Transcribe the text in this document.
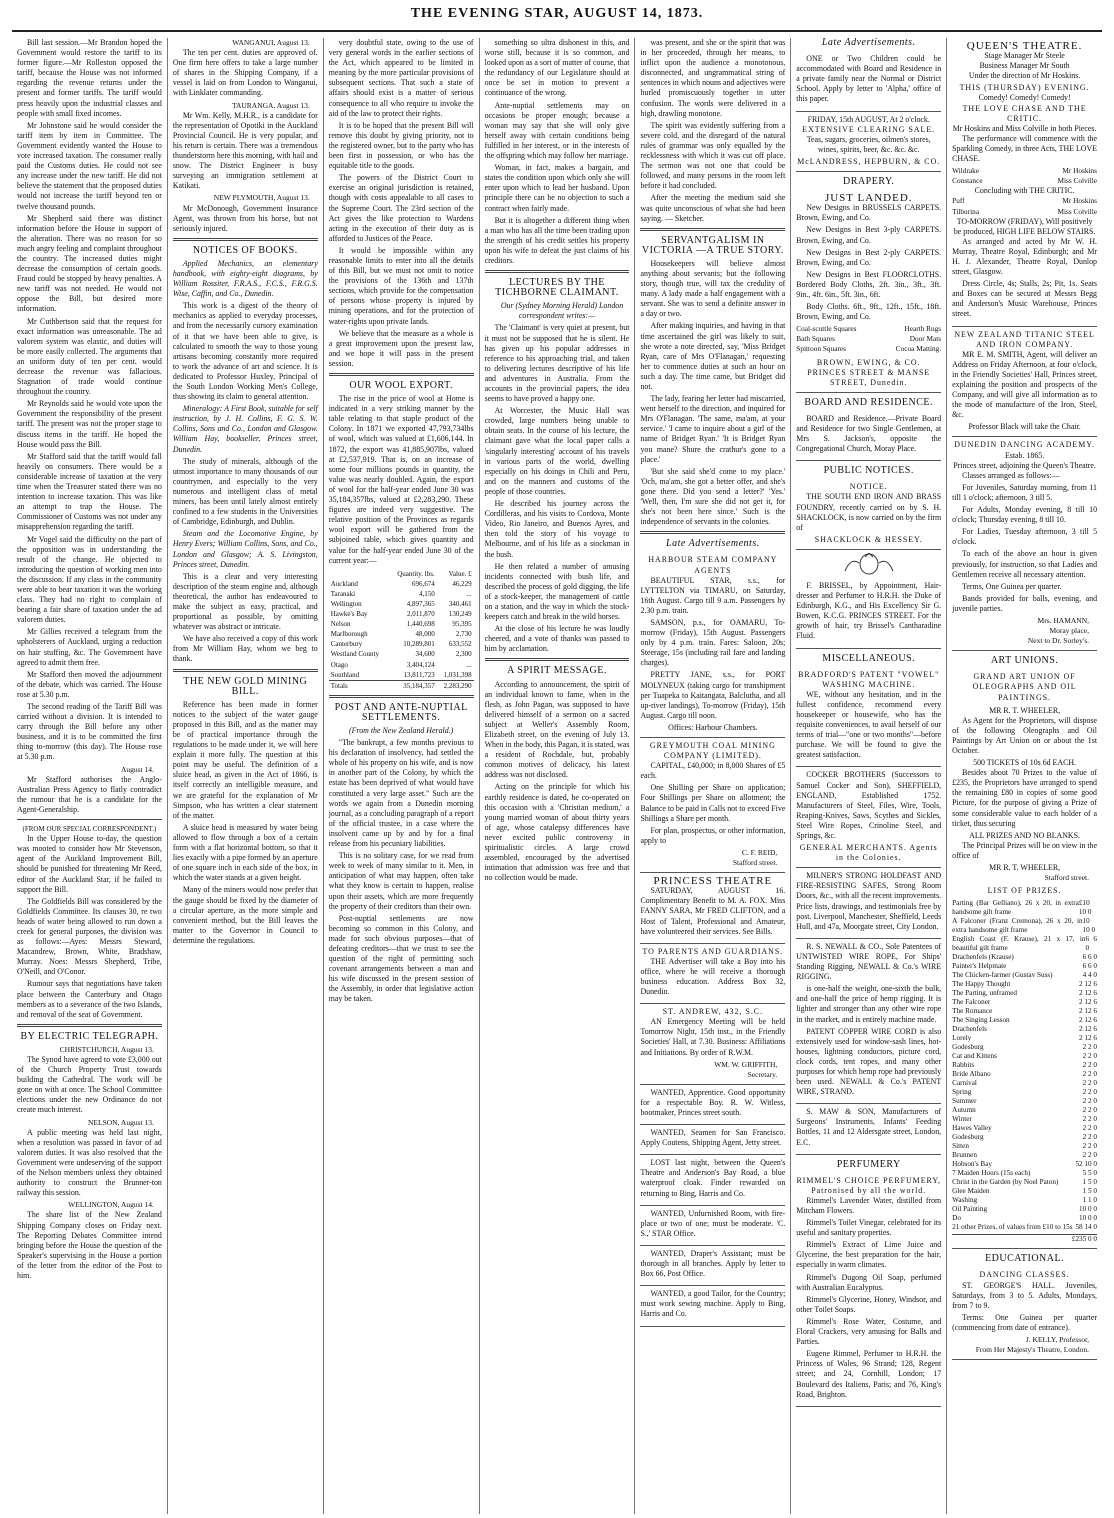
THE EVENING STAR, AUGUST 14, 1873.

Bill last session.—Mr Brandon hoped the Government would restore the tariff to its former figure.—Mr Rolleston opposed the tariff, because the House was not informed regarding the revenue returns under the present and former tariffs. The tariff would press heavily upon the industrial classes and people with small fixed incomes.

Mr Johnstone said he would consider the tariff item by item in Committee. The Government evidently wanted the House to vote increased taxation. The consumer really paid the Customs duties. He could not see any increase under the new tariff. He did not believe the statement that the proposed duties would not increase the tariff beyond ten or twelve thousand pounds.

Mr Shepherd said there was distinct information before the House in support of the alteration. There was no reason for so much angry feeling and complaint throughout the country. The increased duties might decrease the consumption of certain goods. Fraud could be stopped by heavy penalties. A new tariff was not needed. He would not oppose the Bill, but desired more information.

Mr Cuthbertson said that the request for exact information was unreasonable. The ad valorem system was elastic, and duties will be more easily collected. The arguments that an uniform duty of ten per cent. would decrease the revenue was fallacious. Stagnation of trade would continue throughout the country.

Mr Reynolds said he would vote upon the Government the responsibility of the present tariff. The present was not the proper stage to discuss items in the tariff. He hoped the House would pass the Bill.

Mr Stafford said that the tariff would fall heavily on consumers. There would be a considerable increase of taxation at the very time when the Treasurer stated there was no intention to increase taxation. This was like an attempt to trap the House. The Commissioner of Customs was not under any misapprehension regarding the tariff.

Mr Vogel said the difficulty on the part of the opposition was in understanding the result of the change. He objected to introducing the question of working men into the discussion. If any class in the community were able to bear taxation it was the working class. They had no right to complain of bearing a fair share of taxation under the ad valorem duties.

Mr Gillies received a telegram from the upholsterers of Auckland, urging a reduction on hair stuffing, &c. The Government have agreed to admit them free.

Mr Stafford then moved the adjournment of the debate, which was carried. The House rose at 5.30 p.m.

The second reading of the Tariff Bill was carried without a division. It is intended to carry through the Bill before any other business, and it is to be committed the first thing to-morrow (this day). The House rose at 5.30 p.m.

August 14.

Mr Stafford authorises the Anglo-Australian Press Agency to flatly contradict the rumour that he is a candidate for the Agent-Generalship.

(FROM OUR SPECIAL CORRESPONDENT.)

In the Upper House to-day, the question was mooted to consider how Mr Stevenson, agent of the Auckland Improvement Bill, should be punished for threatening Mr Reed, editor of the Auckland Star, if he failed to support the Bill.

The Goldfields Bill was considered by the Goldfields Committee. Its clauses 30, re two heads of water being allowed to run down a creek for general purposes, the division was as follows:—Ayes: Messrs Steward, Macandrew, Brown, White, Bradshaw, Murray. Noes: Messrs Shepherd, Tribe, O'Neill, and O'Conor.

Rumour says that negotiations have taken place between the Canterbury and Otago members as to a severance of the two Islands, and removal of the seat of Government.

BY ELECTRIC TELEGRAPH.
CHRISTCHURCH, August 13.

The Synod have agreed to vote £3,000 out of the Church Property Trust towards building the Cathedral. The work will be gone on with at once. The School Committee elections under the new Ordinance do not create much interest.

NELSON, August 13.

A public meeting was held last night, when a resolution was passed in favor of ad valorem duties. It was also resolved that the Government were undeserving of the support of the Nelson members unless they obtained authority to construct the Brunner-ton railway this session.

WELLINGTON, August 14.

The share list of the New Zealand Shipping Company closes on Friday next. The Reporting Debates Committee intend bringing before the House the question of the Speaker's supervising in the House a portion of the letter from the editor of the Post to him.

WANGANUI, August 13.

The ten per cent. duties are approved of. One firm here offers to take a large number of shares in the Shipping Company, if a vessel is laid on from London to Wanganui, with Linklater commanding.

TAURANGA, August 13.

Mr Wm. Kelly, M.H.R., is a candidate for the representation of Opotiki in the Auckland Provincial Council. He is very popular, and his return is certain. There was a tremendous thunderstorm here this morning, with hail and snow. The District Engineer is busy surveying an immigration settlement at Katikati.

NEW PLYMOUTH, August 13.

Mr McDonough, Government Insurance Agent, was thrown from his horse, but not seriously injured.

NOTICES OF BOOKS.

Applied Mechanics, an elementary handbook, with eighty-eight diagrams, by William Rossiter, F.R.A.S., F.C.S., F.R.G.S. Wise, Caffin, and Co., Dunedin.

This work is a digest of the theory of mechanics as applied to everyday processes, and from the necessarily cursory examination of it that we have been able to give, is calculated to smooth the way to those young artisans becoming constantly more required to work the advance of art and science. It is dedicated to Professor Huxley, Principal of the South London Working Men's College, thus showing its claim to general attention.

Mineralogy: A First Book, suitable for self instruction, by J. H. Collins, F. G. S. W. Collins, Sons and Co., London and Glasgow. William Hay, bookseller, Princes street, Dunedin.

The study of minerals, although of the utmost importance to many thousands of our countrymen, and especially to the very numerous and intelligent class of metal miners, has been until lately almost entirely confined to a few students in the Universities of Cambridge, Edinburgh, and Dublin.

Steam and the Locomotive Engine, by Henry Evers; William Collins, Sons, and Co., London and Glasgow; A. S. Livingston, Princes street, Dunedin.

This is a clear and very interesting description of the steam engine and, although theoretical, the author has endeavoured to make the subject as easy, practical, and proportional as possible, by omitting whatever was abstract or intricate.

We have also received a copy of this work from Mr William Hay, whom we beg to thank.

THE NEW GOLD MINING BILL.

Reference has been made in former notices to the subject of the water gauge proposed in this Bill, and as the matter may be of practical importance through the regulations to be made under it, we will here explain it more fully. The question at this point may be useful. The definition of a sluice head, as given in the Act of 1866, is itself correctly an intelligible measure, and we are grateful for the explanation of Mr Simpson, who has written a clear statement of the matter.

A sluice head is measured by water being allowed to flow through a box of a certain form with a flat horizontal bottom, so that it lies exactly with a pipe formed by an aperture of one square inch in each side of the box, in which the water stands at a given height.

Many of the miners would now prefer that the gauge should be fixed by the diameter of a circular aperture, as the more simple and convenient method, but the Bill leaves the matter to the Governor in Council to determine the regulations.

very doubtful state, owing to the use of very general words in the earlier sections of the Act, which appeared to be limited in meaning by the more particular provisions of subsequent sections. That such a state of affairs should exist is a matter of serious consequence to all who require to invoke the aid of the law to protect their rights.

It is to be hoped that the present Bill will remove this doubt by giving priority, not to the registered owner, but to the party who has been first in possession, or who has the equitable title to the goods.

The powers of the District Court to exercise an original jurisdiction is retained, though with costs appealable to all cases to the Supreme Court. The 23rd section of the Act gives the like protection to Wardens acting in the execution of their duty as is afforded to Justices of the Peace.

It would be impossible within any reasonable limits to enter into all the details of this Bill, but we must not omit to notice the provisions of the 136th and 137th sections, which provide for the compensation of persons whose property is injured by mining operations, and for the protection of water-rights upon private lands.

We believe that the measure as a whole is a great improvement upon the present law, and we hope it will pass in the present session.

OUR WOOL EXPORT.

The rise in the price of wool at Home is indicated in a very striking manner by the table relating to that staple product of the Colony. In 1871 we exported 47,793,734lbs of wool, which was valued at £1,606,144. In 1872, the export was 41,885,907lbs, valued at £2,537,919. That is, on an increase of some four millions pounds in quantity, the value was nearly doubled. Again, the export of wool for the half-year ended June 30 was 35,184,357lbs, valued at £2,283,290. These figures are indeed very suggestive. The relative position of the Provinces as regards wool export will be gathered from the subjoined table, which gives quantity and value for the half-year ended June 30 of the current year:—

	Quantity. lbs.	Value. £
Auckland	696,674	46,229
Taranaki	4,150	...
Wellington	4,897,365	340,461
Hawke's Bay	2,011,870	130,249
Nelson	1,440,698	95,395
Marlborough	48,000	2,730
Canterbury	10,289,801	633,552
Westland County	34,600	2,300
Otago	3,404,124	...
Southland	13,811,723	1,031,398
Totals	35,184,357	2,283,290
POST AND ANTE-NUPTIAL SETTLEMENTS.
(From the New Zealand Herald.)

"The bankrupt, a few months previous to his declaration of insolvency, had settled the whole of his property on his wife, and is now in another part of the Colony, by which the estate has been deprived of what would have constituted a very large asset." Such are the words we again from a Dunedin morning journal, as a concluding paragraph of a report of the official trustee, in a case where the insolvent came up by and by for a final release from his pecuniary liabilities.

This is no solitary case, for we read from week to week of many similar to it. Men, in anticipation of what may happen, often take what they know is certain to happen, realise upon their assets, which are more frequently the property of their creditors than their own.

Post-nuptial settlements are now becoming so common in this Colony, and made for such obvious purposes—that of defeating creditors—that we trust to see the question of the right of permitting such covenant arrangements between a man and his wife discussed in the present session of the Assembly, in order that legislative action may be taken.

something so ultra dishonest in this, and worse still, because it is so common, and looked upon as a sort of matter of course, that the redundancy of our Legislature should at once be set in motion to prevent a continuance of the wrong.

Ante-nuptial settlements may on occasions be proper enough; because a woman may say that she will only give herself away with certain conditions being fulfilled in her interest, or in the interests of the offspring which may follow her marriage.

Woman, in fact, makes a bargain, and states the condition upon which only she will enter upon which to lead her husband. Upon principle there can be no objection to such a contract when fairly made.

But it is altogether a different thing when a man who has all the time been trading upon the strength of his credit settles his property upon his wife to defeat the just claims of his creditors.

LECTURES BY THE TICHBORNE CLAIMANT.

Our (Sydney Morning Herald) London correspondent writes:—

The 'Claimant' is very quiet at present, but it must not be supposed that he is silent. He has given up his popular addresses in reference to his approaching trial, and taken to delivering lectures descriptive of his life and adventures in Australia. From the accounts in the provincial papers, the idea seems to have proved a happy one.

At Worcester, the Music Hall was crowded, large numbers being unable to obtain seats. In the course of his lecture, the claimant gave what the local paper calls a 'singularly interesting' account of his travels in various parts of the world, dwelling especially on his doings in Chili and Peru, and on the manners and customs of the people of those countries.

He described his journey across the Cordilleras, and his visits to Cordova, Monte Video, Rio Janeiro, and Buenos Ayres, and then told the story of his voyage to Melbourne, and of his life as a stockman in the bush.

He then related a number of amusing incidents connected with bush life, and described the process of gold digging, the life of a stock-keeper, the management of cattle on a station, and the way in which the stock-keepers catch and break in the wild horses.

At the close of his lecture he was loudly cheered, and a vote of thanks was passed to him by acclamation.

A SPIRIT MESSAGE.

According to announcement, the spirit of an individual known to fame, when in the flesh, as John Pagan, was supposed to have delivered himself of a sermon on a sacred subject at Weller's Assembly Room, Elizabeth street, on the evening of July 13. When in the body, this Pagan, it is stated, was a resident of Rochdale, but, probably common motives of delicacy, his latest address was not disclosed.

Acting on the principle for which his earthly residence is dated, he co-operated on this occasion with a 'Christian medium,' a young married woman of about thirty years of age, whose catalepsy differences have never excited public controversy in spiritualistic circles. A large crowd assembled, encouraged by the advertised intimation that admission was free and that no collection would be made.

was present, and she or the spirit that was in her proceeded, through her means, to inflict upon the audience a monotonous, disconnected, and ungrammatical string of sentences in which nouns and adjectives were hurled promiscuously together in utter confusion. The words were delivered in a high, drawling monotone.

The spirit was evidently suffering from a severe cold, and the disregard of the natural rules of grammar was only equalled by the recklessness with which it was cut off place. The sermon was not one that could be followed, and many persons in the room left before it had concluded.

After the meeting the medium said she was quite unconscious of what she had been saying. — Sketcher.

SERVANTGALISM IN VICTORIA —A TRUE STORY.

Housekeepers will believe almost anything about servants; but the following story, though true, will tax the credulity of many. A lady made a half engagement with a servant. She was to send a definite answer in a day or two.

After making inquiries, and having in that time ascertained the girl was likely to suit, she wrote a note directed, say, 'Miss Bridget Ryan, care of Mrs O'Flanagan,' requesting her to commence duties at such an hour on such a day. The time came, but Bridget did not.

The lady, fearing her letter had miscarried, went herself to the direction, and inquired for Mrs O'Flanagan. 'The same, ma'am, at your service.' 'I came to inquire about a girl of the name of Bridget Ryan.' 'It is Bridget Ryan you mane? Shure the crathur's gone to a place.'

'But she said she'd come to my place.' 'Och, ma'am, she got a better offer, and she's gone there. Did you send a letter?' 'Yes.' 'Well, then, I'm sure she did not get it, for she's not been here since.' Such is the independence of servants in the colonies.

Late Advertisements.
HARBOUR STEAM COMPANY AGENTS

BEAUTIFUL STAR, s.s., for LYTTELTON via TIMARU, on Saturday, 16th August. Cargo till 9 a.m. Passengers by 2.30 p.m. train.

SAMSON, p.s., for OAMARU, To-morrow (Friday), 15th August. Passengers only by 4 p.m. train. Fares: Saloon, 20s; Steerage, 15s (including rail fare and landing charges).

PRETTY JANE, s.s., for PORT MOLYNEUX (taking cargo for transhipment per Tuapeka to Kaitangata, Balclutha, and all up-river landings), To-morrow (Friday), 15th August. Cargo till noon.

Offices: Harbour Chambers.
GREYMOUTH COAL MINING COMPANY (LIMITED).

CAPITAL, £40,000; in 8,000 Shares of £5 each.

One Shilling per Share on application; Four Shillings per Share on allotment; the Balance to be paid in Calls not to exceed Five Shillings a Share per month.

For plan, prospectus, or other information, apply to

C. F. REID,
Stafford street.
PRINCESS THEATRE

SATURDAY, AUGUST 16. Complimentary Benefit to M. A. FOX. Miss FANNY SARA, Mr FRED CLIFTON, and a Host of Talent, Professional and Amateur, have volunteered their services. See Bills.

TO PARENTS AND GUARDIANS.

THE Advertiser will take a Boy into his office, where he will receive a thorough business education. Address Box 32, Dunedin.

ST. ANDREW, 432, S.C.

AN Emergency Meeting will be held Tomorrow Night, 15th inst., in the Friendly Societies' Hall, at 7.30. Business: Affiliations and Initiations. By order of R.W.M.

WM. W. GRIFFITH,
Secretary.

WANTED, Apprentice. Good opportunity for a respectable Boy. R. W. Witless, bootmaker, Princes street south.

WANTED, Seamen for San Francisco. Apply Coutens, Shipping Agent, Jetty street.

LOST last night, between the Queen's Theatre and Anderson's Bay Road, a blue waterproof cloak. Finder rewarded on returning to Bing, Harris and Co.

WANTED, Unfurnished Room, with fire-place or two of one; must be moderate. 'C. S.,' STAR Office.

WANTED, Draper's Assistant; must be thorough in all branches. Apply by letter to Box 66, Post Office.

WANTED, a good Tailor, for the Country; must work sewing machine. Apply to Bing, Harris and Co.

Late Advertisements.

ONE or Two Children could be accommodated with Board and Residence in a private family near the Normal or District School. Apply by letter to 'Alpha,' office of this paper.

FRIDAY, 15th AUGUST, At 2 o'clock.
EXTENSIVE CLEARING SALE.
Teas, sugars, groceries, oilmen's stores, wines, spirits, beer, &c. &c. &c.
McLANDRESS, HEPBURN, & CO.
DRAPERY.
JUST LANDED.

New Designs in BRUSSELS CARPETS. Brown, Ewing, and Co.

New Designs in Best 3-ply CARPETS. Brown, Ewing, and Co.

New Designs in Best 2-ply CARPETS. Brown, Ewing, and Co.

New Designs in Best FLOORCLOTHS. Bordered Body Cloths, 2ft. 3in., 3ft., 3ft. 9in., 4ft. 6in., 5ft. 3in., 6ft.

Body Cloths. 6ft., 9ft., 12ft., 15ft., 18ft. Brown, Ewing, and Co.

Coal-scuttle Squares	Hearth Rugs
Bath Squares	Door Mats
Spittoon Squares	Cocoa Matting.
BROWN, EWING, & CO. PRINCES STREET & MANSE STREET, Dunedin.
BOARD AND RESIDENCE.

BOARD and Residence.—Private Board and Residence for two Single Gentlemen, at Mrs S. Jackson's, opposite the Congregational Church, Moray Place.

PUBLIC NOTICES.
NOTICE.

THE SOUTH END IRON AND BRASS FOUNDRY, recently carried on by S. H. SHACKLOCK, is now carried on by the firm of

SHACKLOCK & HESSEY.

F. BRISSEL, by Appointment, Hair-dresser and Perfumer to H.R.H. the Duke of Edinburgh, K.G., and His Excellency Sir G. Bowen, K.C.G. PRINCES STREET. For the growth of hair, try Brissel's Cantharadine Fluid.

MISCELLANEOUS.
BRADFORD'S PATENT "VOWEL" WASHING MACHINE.

WE, without any hesitation, and in the fullest confidence, recommend every housekeeper or housewife, who has the requisite conveniences, to avail herself of our terms of trial—"one or two months"—before purchase. We will be found to give the greatest satisfaction.

COCKER BROTHERS (Successors to Samuel Cocker and Son), SHEFFIELD, ENGLAND, Established 1752. Manufacturers of Steel, Files, Wire, Tools, Reaping-Knives, Saws, Scythes and Sickles, Steel Wire Ropes, Crinoline Steel, and Springs, &c.

GENERAL MERCHANTS. Agents in the Colonies.

MILNER'S STRONG HOLDFAST AND FIRE-RESISTING SAFES, Strong Room Doors, &c., with all the recent improvements. Price lists, drawings, and testimonials free by post. Liverpool, Manchester, Sheffield, Leeds Hull, and 47a, Moorgate street, City London.

R. S. NEWALL & CO., Sole Patentees of UNTWISTED WIRE ROPE, For Ships' Standing Rigging, NEWALL & Co.'s WIRE RIGGING.

is one-half the weight, one-sixth the bulk, and one-half the price of hemp rigging. It is lighter and stronger than any other wire rope in the market, and is entirely machine made.

PATENT COPPER WIRE CORD is also extensively used for window-sash lines, hot-houses, lightning conductors, picture cord, clock cords, tent ropes, and many other purposes for which hemp rope had previously been used. NEWALL & Co.'s PATENT WIRE, STRAND.

S. MAW & SON, Manufacturers of Surgeons' Instruments, Infants' Feeding Bottles, 11 and 12 Aldersgate street, London, E.C.

PERFUMERY
RIMMEL'S CHOICE PERFUMERY, Patronised by all the world.

Rimmel's Lavender Water, distilled from Mitcham Flowers.

Rimmel's Toilet Vinegar, celebrated for its useful and sanitary properties.

Rimmel's Extract of Lime Juice and Glycerine, the best preparation for the hair, especially in warm climates.

Rimmel's Dugong Oil Soap, perfumed with Australian Eucalyptus.

Rimmel's Glycerine, Honey, Windsor, and other Toilet Soaps.

Rimmel's Rose Water, Costume, and Floral Crackers, very amusing for Balls and Parties.

Eugene Rimmel, Perfumer to H.R.H. the Princess of Wales, 96 Strand; 128, Regent street; and 24, Cornhill, London; 17 Boulevard des Italiens, Paris; and 76, King's Road, Brighton.

QUEEN'S THEATRE.
Stage Manager Mr Steele
Business Manager Mr South
Under the direction of Mr Hoskins.
THIS (THURSDAY) EVENING.
Comedy! Comedy! Comedy!
THE LOVE CHASE AND THE CRITIC.
Mr Hoskins and Miss Colville in both Pieces.

The performance will commence with the Sparkling Comedy, in three Acts, THE LOVE CHASE.

Wildrake	Mr Hoskins
Constance	Miss Colville
Concluding with THE CRITIC.
Puff	Mr Hoskins
Tilburina	Miss Colville
TO-MORROW (FRIDAY), Will positively be produced, HIGH LIFE BELOW STAIRS.

As arranged and acted by Mr W. H. Murray, Theatre Royal, Edinburgh; and Mr H. J. Alexander, Theatre Royal, Dunlop street, Glasgow.

Dress Circle, 4s; Stalls, 2s; Pit, 1s. Seats and Boxes can be secured at Messrs Begg and Anderson's Music Warehouse, Princes street.

NEW ZEALAND TITANIC STEEL AND IRON COMPANY.

MR E. M. SMITH, Agent, will deliver an Address on Friday Afternoon, at four o'clock, in the Friendly Societies' Hall, Princes street, explaining the position and prospects of the Company, and will give all information as to the mode of manufacture of the Iron, Steel, &c.

Professor Black will take the Chair.
DUNEDIN DANCING ACADEMY.
Estab. 1865.
Princes street, adjoining the Queen's Theatre.

Classes arranged as follows:—

For Juveniles, Saturday morning, from 11 till 1 o'clock; afternoon, 3 till 5.

For Adults, Monday evening, 8 till 10 o'clock; Thursday evening, 8 till 10.

For Ladies, Tuesday afternoon, 3 till 5 o'clock.

To each of the above an hour is given previously, for instruction, so that Ladies and Gentlemen receive all necessary attention.

Terms, One Guinea per quarter.

Bands provided for balls, evening, and juvenile parties.

Mrs. HAMANN,
Moray place,
Next to Dr. Sorley's.
ART UNIONS.
GRAND ART UNION OF OLEOGRAPHS AND OIL PAINTINGS.
MR R. T. WHEELER,

As Agent for the Proprietors, will dispose of the following Oleographs and Oil Paintings by Art Union on or about the 1st October.

500 TICKETS of 10s 6d EACH.

Besides about 70 Prizes to the value of £235, the Proprietors have arranged to spend the remaining £80 in copies of some good Picture, for the purpose of giving a Prize of some considerable value to each holder of a ticket, thus securing

ALL PRIZES AND NO BLANKS.

The Principal Prizes will be on view in the office of

MR R. T. WHEELER,
Stafford street.
LIST OF PRIZES.
Parting (Bar Gelliano), 26 x 20, in extra handsome gilt frame
£10 10 0
A Falconer (Franz Cremona), 26 x 20, in extra handsome gilt frame
10 10 0
English Coast (F. Krause), 21 x 17, in beautiful gilt frame
6 6 0
Drachenfels (Krause)	6 6 0
Painter's Helpmate	6 6 0
The Chicken-farmer (Gustav Suss)	4 4 0
The Happy Thought	2 12 6
The Parting, unframed	2 12 6
The Falconer	2 12 6
The Romance	2 12 6
The Singing Lesson	2 12 6
Drachenfels	2 12 6
Lorely	2 12 6
Godesburg	2 2 0
Cat and Kittens	2 2 0
Rabbits	2 2 0
Bride Albano	2 2 0
Carnival	2 2 0
Spring	2 2 0
Summer	2 2 0
Autumn	2 2 0
Winter	2 2 0
Hawes Valley	2 2 0
Godesburg	2 2 0
Sitten	2 2 0
Brunnen	2 2 0
Hobson's Bay	52 10 0
7 Maiden Hours (15s each)	5 5 0
Christ in the Garden (by Noel Paton)	1 5 0
Glee Maiden	1 5 0
Washing	1 1 0
Oil Painting	10 0 0
Do	10 0 0
21 other Prizes, of values from £10 to 15s 58 14 0
£235 0 0
EDUCATIONAL.
DANCING CLASSES.

ST. GEORGE'S HALL. Juveniles, Saturdays, from 3 to 5. Adults, Mondays, from 7 to 9.

Terms: One Guinea per quarter (commencing from date of entrance).

J. KELLY, Professor,
From Her Majesty's Theatre, London.
